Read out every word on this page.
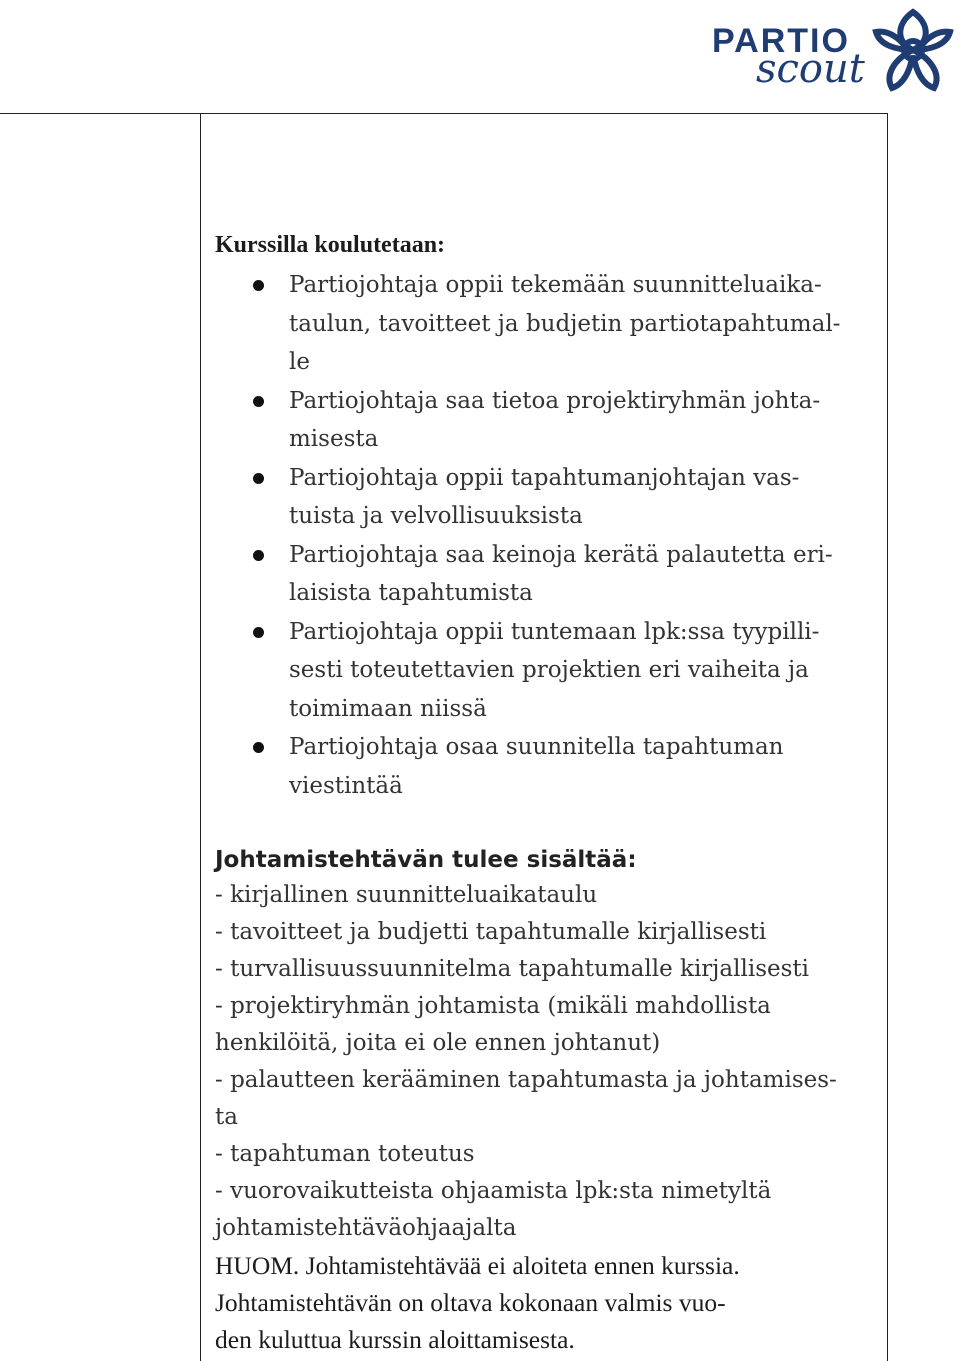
PARTIO
scout
Kurssilla koulutetaan:
Partiojohtaja oppii tekemään suunnitteluaika-
taulun, tavoitteet ja budjetin partiotapahtumal-
le
Partiojohtaja saa tietoa projektiryhmän johta-
misesta
Partiojohtaja oppii tapahtumanjohtajan vas-
tuista ja velvollisuuksista
Partiojohtaja saa keinoja kerätä palautetta eri-
laisista tapahtumista
Partiojohtaja oppii tuntemaan lpk:ssa tyypilli-
sesti toteutettavien projektien eri vaiheita ja
toimimaan niissä
Partiojohtaja osaa suunnitella tapahtuman
viestintää
Johtamistehtävän tulee sisältää:
- kirjallinen suunnitteluaikataulu
- tavoitteet ja budjetti tapahtumalle kirjallisesti
- turvallisuussuunnitelma tapahtumalle kirjallisesti
- projektiryhmän johtamista (mikäli mahdollista
henkilöitä, joita ei ole ennen johtanut)
- palautteen kerääminen tapahtumasta ja johtamises-
ta
- tapahtuman toteutus
- vuorovaikutteista ohjaamista lpk:sta nimetyltä
johtamistehtäväohjaajalta
HUOM. Johtamistehtävää ei aloiteta ennen kurssia.
Johtamistehtävän on oltava kokonaan valmis vuo-
den kuluttua kurssin aloittamisesta.
